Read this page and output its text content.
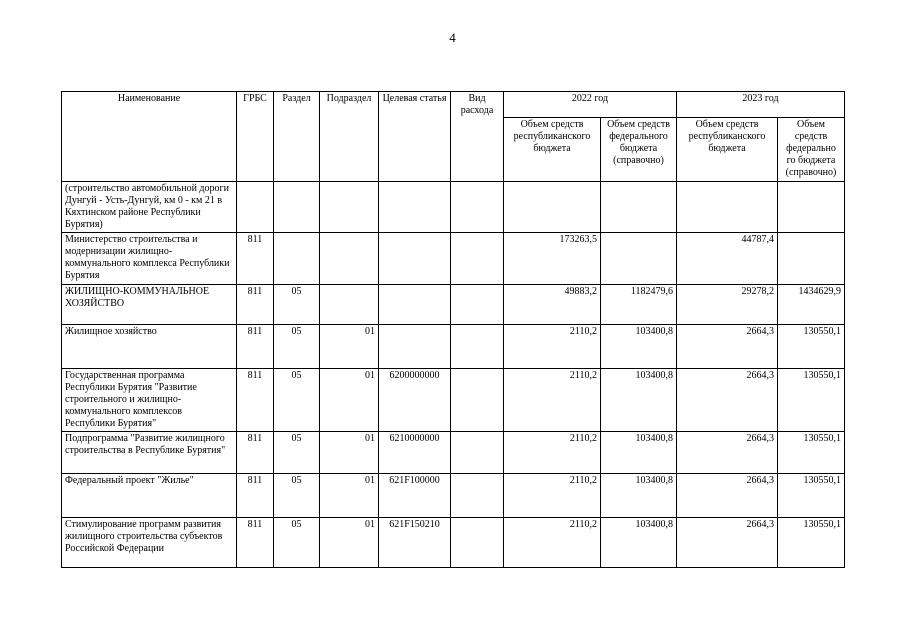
4
Наименование	ГРБС	Раздел	Подраздел	Целевая статья	Вид расхода	2022 год		2023 год	
						Объем средств республиканского бюджета	Объем средств федерального бюджета (справочно)	Объем средств республиканского бюджета	Объем средств федерально го бюджета (справочно)
(строительство автомобильной дороги Дунгуй - Усть-Дунгуй, км 0 - км 21 в Кяхтинском районе Республики Бурятия)									
Министерство строительства и модернизации жилищно-коммунального комплекса Республики Бурятия	811					173263,5		44787,4	
ЖИЛИЩНО-КОММУНАЛЬНОЕ ХОЗЯЙСТВО	811	05				49883,2	1182479,6	29278,2	1434629,9
Жилищное хозяйство	811	05	01			2110,2	103400,8	2664,3	130550,1
Государственная программа Республики Бурятия "Развитие строительного и жилищно-коммунального комплексов Республики Бурятия"	811	05	01	6200000000		2110,2	103400,8	2664,3	130550,1
Подпрограмма "Развитие жилищного строительства в Республике Бурятия"	811	05	01	6210000000		2110,2	103400,8	2664,3	130550,1
Федеральный проект "Жилье"	811	05	01	621F100000		2110,2	103400,8	2664,3	130550,1
Стимулирование программ развития жилищного строительства субъектов Российской Федерации	811	05	01	621F150210		2110,2	103400,8	2664,3	130550,1
